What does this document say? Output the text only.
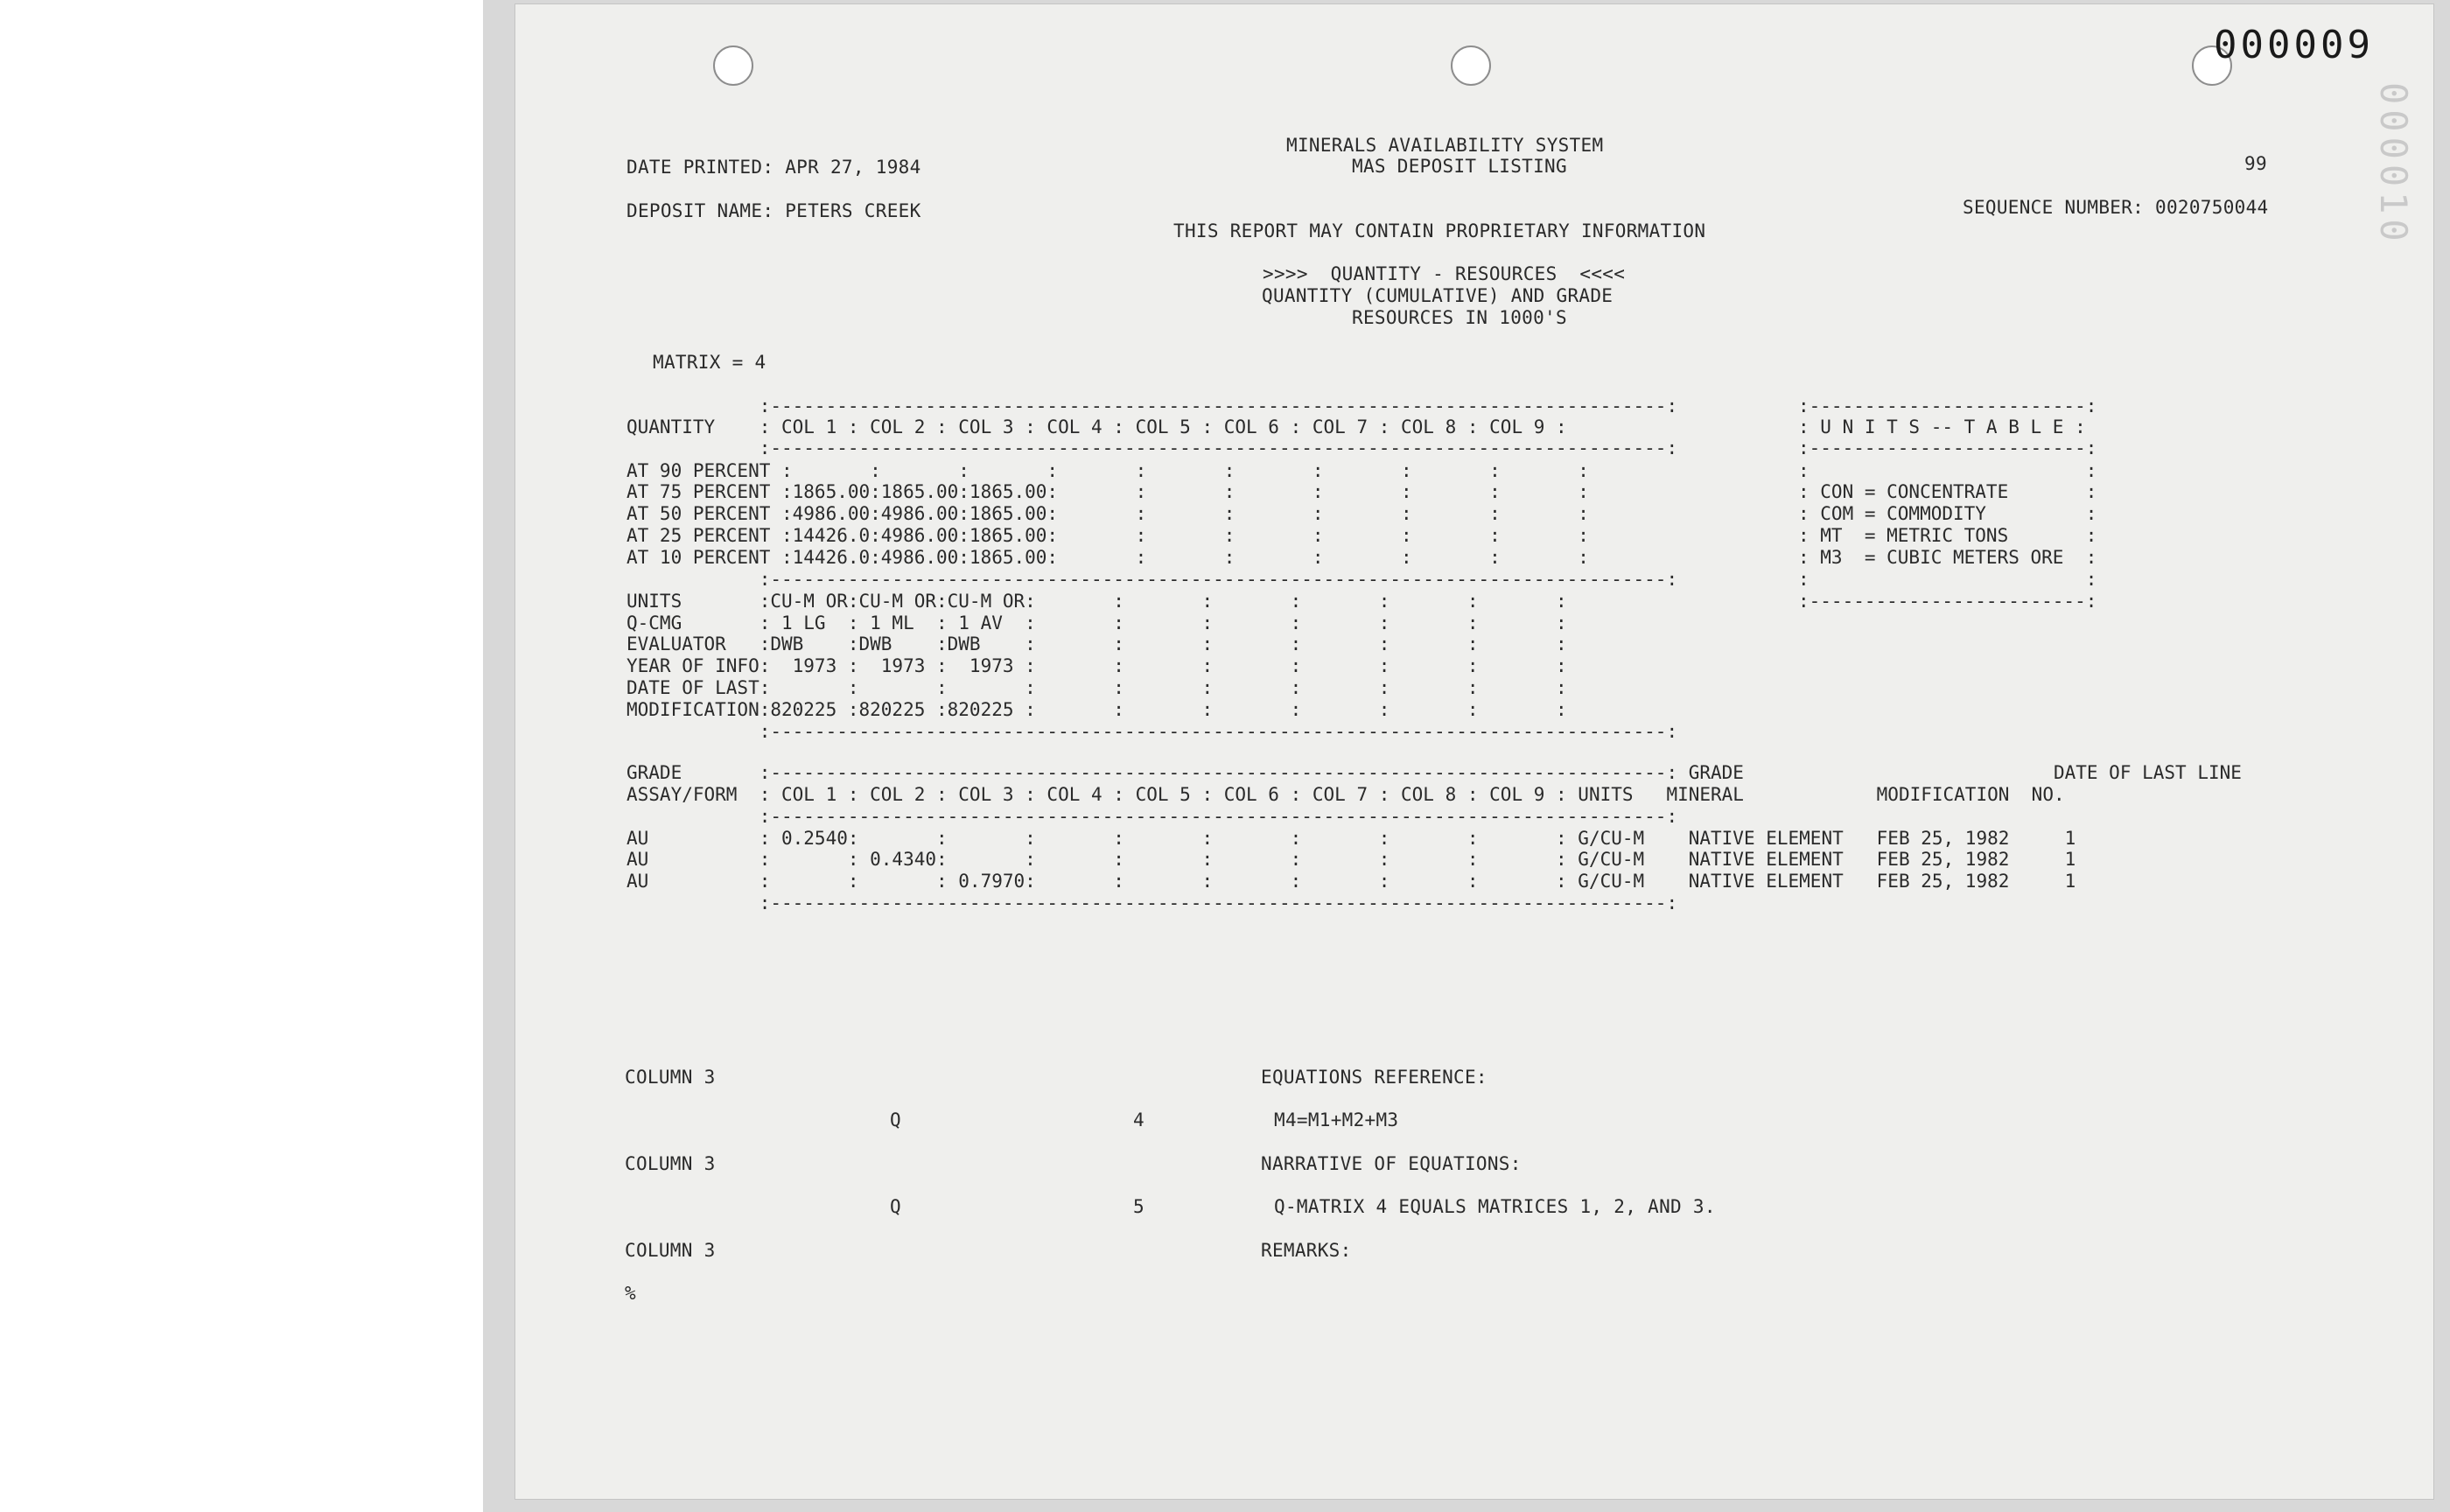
000009
000010
MINERALS AVAILABILITY SYSTEM
MAS DEPOSIT LISTING
DATE PRINTED: APR 27, 1984	99
DEPOSIT NAME: PETERS CREEK	SEQUENCE NUMBER: 0020750044
THIS REPORT MAY CONTAIN PROPRIETARY INFORMATION
>>>>  QUANTITY - RESOURCES  <<<<
QUANTITY (CUMULATIVE) AND GRADE
RESOURCES IN 1000'S
MATRIX = 4
:---------------------------------------------------------------------------------:
QUANTITY    : COL 1 : COL 2 : COL 3 : COL 4 : COL 5 : COL 6 : COL 7 : COL 8 : COL 9 :
:---------------------------------------------------------------------------------:
AT 90 PERCENT :       :       :       :       :       :       :       :       :       :
AT 75 PERCENT :1865.00:1865.00:1865.00:       :       :       :       :       :       :
AT 50 PERCENT :4986.00:4986.00:1865.00:       :       :       :       :       :       :
AT 25 PERCENT :14426.0:4986.00:1865.00:       :       :       :       :       :       :
AT 10 PERCENT :14426.0:4986.00:1865.00:       :       :       :       :       :       :
:---------------------------------------------------------------------------------:
UNITS       :CU-M OR:CU-M OR:CU-M OR:       :       :       :       :       :       :
Q-CMG       : 1 LG  : 1 ML  : 1 AV  :       :       :       :       :       :       :
EVALUATOR   :DWB    :DWB    :DWB    :       :       :       :       :       :       :
YEAR OF INFO:  1973 :  1973 :  1973 :       :       :       :       :       :       :
DATE OF LAST:       :       :       :       :       :       :       :       :       :
MODIFICATION:820225 :820225 :820225 :       :       :       :       :       :       :
:---------------------------------------------------------------------------------:
:-------------------------:
: U N I T S -- T A B L E :
:-------------------------:
:                         :
: CON = CONCENTRATE       :
: COM = COMMODITY         :
: MT  = METRIC TONS       :
: M3  = CUBIC METERS ORE  :
:                         :
:-------------------------:
GRADE       :---------------------------------------------------------------------------------: GRADE                            DATE OF LAST LINE
ASSAY/FORM  : COL 1 : COL 2 : COL 3 : COL 4 : COL 5 : COL 6 : COL 7 : COL 8 : COL 9 : UNITS   MINERAL            MODIFICATION  NO.
:---------------------------------------------------------------------------------:
AU          : 0.2540:       :       :       :       :       :       :       :       : G/CU-M    NATIVE ELEMENT   FEB 25, 1982     1
AU          :       : 0.4340:       :       :       :       :       :       :       : G/CU-M    NATIVE ELEMENT   FEB 25, 1982     1
AU          :       :       : 0.7970:       :       :       :       :       :       : G/CU-M    NATIVE ELEMENT   FEB 25, 1982     1
:---------------------------------------------------------------------------------:
COLUMN 3	EQUATIONS REFERENCE:
Q	4	M4=M1+M2+M3
COLUMN 3	NARRATIVE OF EQUATIONS:
Q	5	Q-MATRIX 4 EQUALS MATRICES 1, 2, AND 3.
COLUMN 3	REMARKS:
%
